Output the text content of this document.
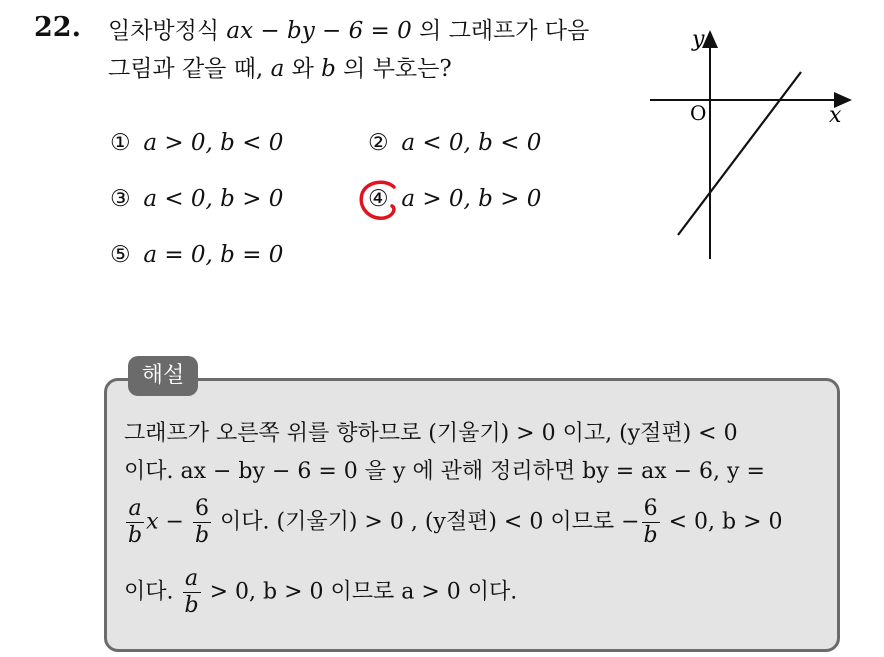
22. 일차방정식 ax − by − 6 = 0 의 그래프가 다음
그림과 같을 때, a 와 b 의 부호는?
① a > 0, b < 0	② a < 0, b < 0
③ a < 0, b > 0	④ a > 0, b > 0
⑤ a = 0, b = 0
y
x
O
해설
그래프가 오른쪽 위를 향하므로 (기울기) > 0 이고, (y절편) < 0
이다. ax − by − 6 = 0 을 y 에 관해 정리하면 by = ax − 6, y =
$\frac{a}{b}$ $x - \frac{6}{b}$ 이다. (기울기) > 0 , (y절편) < 0 이므로 − $\frac{6}{b} < 0$, b > 0
이다. $\frac{a}{b} > 0$, b > 0 이므로 a > 0 이다.
